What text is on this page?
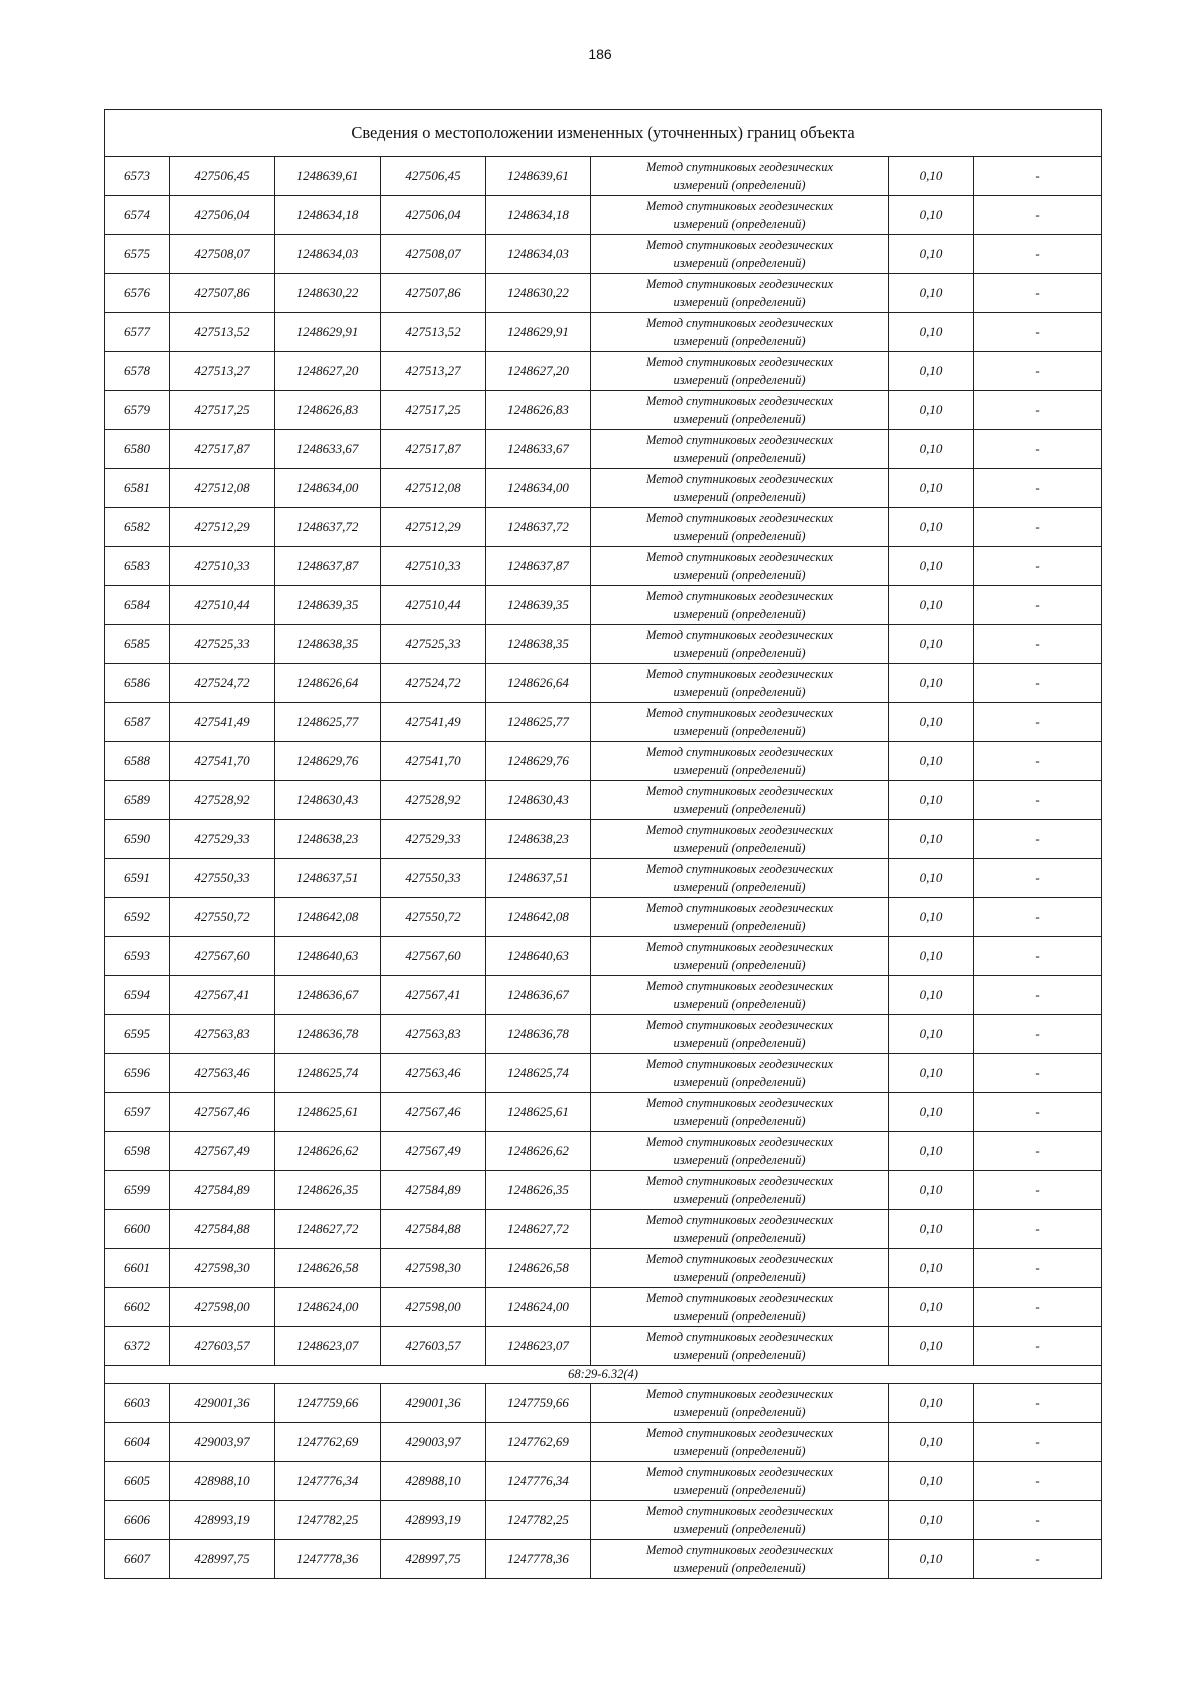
186
Сведения о местоположении измененных (уточненных) границ объекта							
6573	427506,45	1248639,61	427506,45	1248639,61	Метод спутниковых геодезических
измерений (определений)	0,10	-
6574	427506,04	1248634,18	427506,04	1248634,18	Метод спутниковых геодезических
измерений (определений)	0,10	-
6575	427508,07	1248634,03	427508,07	1248634,03	Метод спутниковых геодезических
измерений (определений)	0,10	-
6576	427507,86	1248630,22	427507,86	1248630,22	Метод спутниковых геодезических
измерений (определений)	0,10	-
6577	427513,52	1248629,91	427513,52	1248629,91	Метод спутниковых геодезических
измерений (определений)	0,10	-
6578	427513,27	1248627,20	427513,27	1248627,20	Метод спутниковых геодезических
измерений (определений)	0,10	-
6579	427517,25	1248626,83	427517,25	1248626,83	Метод спутниковых геодезических
измерений (определений)	0,10	-
6580	427517,87	1248633,67	427517,87	1248633,67	Метод спутниковых геодезических
измерений (определений)	0,10	-
6581	427512,08	1248634,00	427512,08	1248634,00	Метод спутниковых геодезических
измерений (определений)	0,10	-
6582	427512,29	1248637,72	427512,29	1248637,72	Метод спутниковых геодезических
измерений (определений)	0,10	-
6583	427510,33	1248637,87	427510,33	1248637,87	Метод спутниковых геодезических
измерений (определений)	0,10	-
6584	427510,44	1248639,35	427510,44	1248639,35	Метод спутниковых геодезических
измерений (определений)	0,10	-
6585	427525,33	1248638,35	427525,33	1248638,35	Метод спутниковых геодезических
измерений (определений)	0,10	-
6586	427524,72	1248626,64	427524,72	1248626,64	Метод спутниковых геодезических
измерений (определений)	0,10	-
6587	427541,49	1248625,77	427541,49	1248625,77	Метод спутниковых геодезических
измерений (определений)	0,10	-
6588	427541,70	1248629,76	427541,70	1248629,76	Метод спутниковых геодезических
измерений (определений)	0,10	-
6589	427528,92	1248630,43	427528,92	1248630,43	Метод спутниковых геодезических
измерений (определений)	0,10	-
6590	427529,33	1248638,23	427529,33	1248638,23	Метод спутниковых геодезических
измерений (определений)	0,10	-
6591	427550,33	1248637,51	427550,33	1248637,51	Метод спутниковых геодезических
измерений (определений)	0,10	-
6592	427550,72	1248642,08	427550,72	1248642,08	Метод спутниковых геодезических
измерений (определений)	0,10	-
6593	427567,60	1248640,63	427567,60	1248640,63	Метод спутниковых геодезических
измерений (определений)	0,10	-
6594	427567,41	1248636,67	427567,41	1248636,67	Метод спутниковых геодезических
измерений (определений)	0,10	-
6595	427563,83	1248636,78	427563,83	1248636,78	Метод спутниковых геодезических
измерений (определений)	0,10	-
6596	427563,46	1248625,74	427563,46	1248625,74	Метод спутниковых геодезических
измерений (определений)	0,10	-
6597	427567,46	1248625,61	427567,46	1248625,61	Метод спутниковых геодезических
измерений (определений)	0,10	-
6598	427567,49	1248626,62	427567,49	1248626,62	Метод спутниковых геодезических
измерений (определений)	0,10	-
6599	427584,89	1248626,35	427584,89	1248626,35	Метод спутниковых геодезических
измерений (определений)	0,10	-
6600	427584,88	1248627,72	427584,88	1248627,72	Метод спутниковых геодезических
измерений (определений)	0,10	-
6601	427598,30	1248626,58	427598,30	1248626,58	Метод спутниковых геодезических
измерений (определений)	0,10	-
6602	427598,00	1248624,00	427598,00	1248624,00	Метод спутниковых геодезических
измерений (определений)	0,10	-
6372	427603,57	1248623,07	427603,57	1248623,07	Метод спутниковых геодезических
измерений (определений)	0,10	-
68:29-6.32(4)							
6603	429001,36	1247759,66	429001,36	1247759,66	Метод спутниковых геодезических
измерений (определений)	0,10	-
6604	429003,97	1247762,69	429003,97	1247762,69	Метод спутниковых геодезических
измерений (определений)	0,10	-
6605	428988,10	1247776,34	428988,10	1247776,34	Метод спутниковых геодезических
измерений (определений)	0,10	-
6606	428993,19	1247782,25	428993,19	1247782,25	Метод спутниковых геодезических
измерений (определений)	0,10	-
6607	428997,75	1247778,36	428997,75	1247778,36	Метод спутниковых геодезических
измерений (определений)	0,10	-
